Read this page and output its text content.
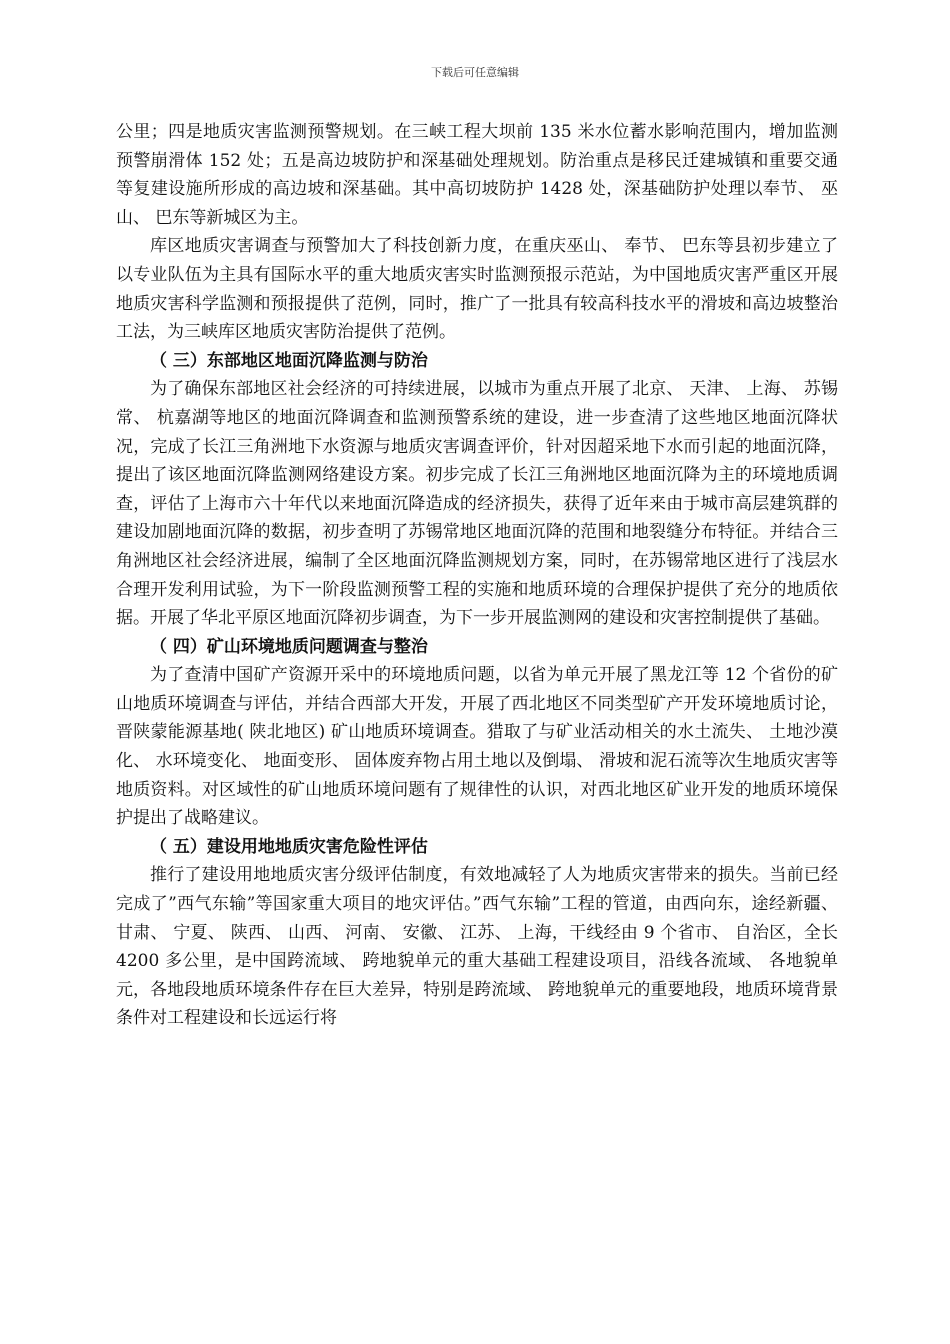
下载后可任意编辑

公里；四是地质灾害监测预警规划。在三峡工程大坝前 135 米水位蓄水影响范围内，增加监测预警崩滑体 152 处；五是高边坡防护和深基础处理规划。防治重点是移民迁建城镇和重要交通等复建设施所形成的高边坡和深基础。其中高切坡防护 1428 处，深基础防护处理以奉节、 巫山、 巴东等新城区为主。

库区地质灾害调查与预警加大了科技创新力度，在重庆巫山、 奉节、 巴东等县初步建立了以专业队伍为主具有国际水平的重大地质灾害实时监测预报示范站，为中国地质灾害严重区开展地质灾害科学监测和预报提供了范例，同时，推广了一批具有较高科技水平的滑坡和高边坡整治工法，为三峡库区地质灾害防治提供了范例。

（ 三）东部地区地面沉降监测与防治

为了确保东部地区社会经济的可持续进展，以城市为重点开展了北京、 天津、 上海、 苏锡常、 杭嘉湖等地区的地面沉降调查和监测预警系统的建设，进一步查清了这些地区地面沉降状况，完成了长江三角洲地下水资源与地质灾害调查评价，针对因超采地下水而引起的地面沉降，提出了该区地面沉降监测网络建设方案。初步完成了长江三角洲地区地面沉降为主的环境地质调查，评估了上海市六十年代以来地面沉降造成的经济损失，获得了近年来由于城市高层建筑群的建设加剧地面沉降的数据，初步查明了苏锡常地区地面沉降的范围和地裂缝分布特征。并结合三角洲地区社会经济进展，编制了全区地面沉降监测规划方案，同时，在苏锡常地区进行了浅层水合理开发利用试验，为下一阶段监测预警工程的实施和地质环境的合理保护提供了充分的地质依据。开展了华北平原区地面沉降初步调查，为下一步开展监测网的建设和灾害控制提供了基础。

（ 四）矿山环境地质问题调查与整治

为了查清中国矿产资源开采中的环境地质问题，以省为单元开展了黑龙江等 12 个省份的矿山地质环境调查与评估，并结合西部大开发，开展了西北地区不同类型矿产开发环境地质讨论，晋陕蒙能源基地( 陕北地区) 矿山地质环境调查。猎取了与矿业活动相关的水土流失、 土地沙漠化、 水环境变化、 地面变形、 固体废弃物占用土地以及倒塌、 滑坡和泥石流等次生地质灾害等地质资料。对区域性的矿山地质环境问题有了规律性的认识，对西北地区矿业开发的地质环境保护提出了战略建议。

（ 五）建设用地地质灾害危险性评估

推行了建设用地地质灾害分级评估制度，有效地减轻了人为地质灾害带来的损失。当前已经完成了”西气东输”等国家重大项目的地灾评估。”西气东输”工程的管道，由西向东，途经新疆、 甘肃、 宁夏、 陕西、 山西、 河南、 安徽、 江苏、 上海，干线经由 9 个省市、 自治区，全长 4200 多公里，是中国跨流域、 跨地貌单元的重大基础工程建设项目，沿线各流域、 各地貌单元，各地段地质环境条件存在巨大差异，特别是跨流域、 跨地貌单元的重要地段，地质环境背景条件对工程建设和长远运行将
